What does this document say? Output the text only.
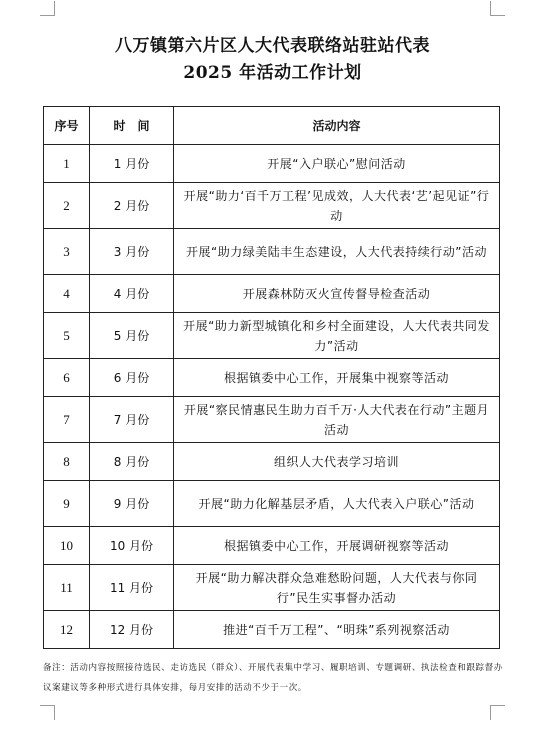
八万镇第六片区人大代表联络站驻站代表
2025 年活动工作计划
序号	时　间	活动内容
1	1 月份	开展“入户联心”慰问活动
2	2 月份	开展“助力‘百千万工程’见成效，人大代表‘艺’起见证”行动
3	3 月份	开展“助力绿美陆丰生态建设，人大代表持续行动”活动
4	4 月份	开展森林防灭火宣传督导检查活动
5	5 月份	开展“助力新型城镇化和乡村全面建设，人大代表共同发力”活动
6	6 月份	根据镇委中心工作，开展集中视察等活动
7	7 月份	开展“察民情惠民生助力百千万·人大代表在行动”主题月活动
8	8 月份	组织人大代表学习培训
9	9 月份	开展“助力化解基层矛盾，人大代表入户联心”活动
10	10 月份	根据镇委中心工作，开展调研视察等活动
11	11 月份	开展“助力解决群众急难愁盼问题，人大代表与你同行”民生实事督办活动
12	12 月份	推进“百千万工程”、“明珠”系列视察活动
备注：活动内容按照接待选民、走访选民（群众）、开展代表集中学习、履职培训、专题调研、执法检查和跟踪督办议案建议等多种形式进行具体安排，每月安排的活动不少于一次。
